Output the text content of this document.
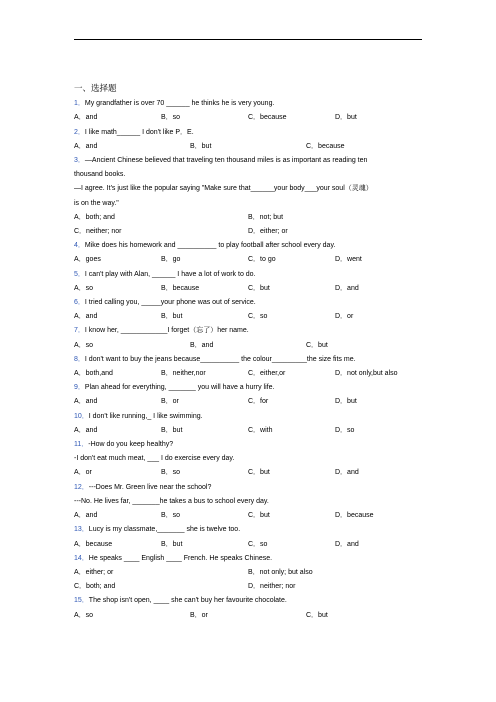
一、选择题
1．My grandfather is over 70 ______ he thinks he is very young.
A．and	B．so	C．because	D．but
2．I like math______ I don't like P．E.
A．and	B．but	C．because
3．—Ancient Chinese believed that traveling ten thousand miles is as important as reading ten
thousand books.
—I agree. It's just like the popular saying "Make sure that______your body___your soul（灵魂）
is on the way."
A．both; and	B．not; but
C．neither; nor	D．either; or
4．Mike does his homework and __________ to play football after school every day.
A．goes	B．go	C．to go	D．went
5．I can't play with Alan, ______ I have a lot of work to do.
A．so	B．because	C．but	D．and
6．I tried calling you, _____your phone was out of service.
A．and	B．but	C．so	D．or
7．I know her, ____________I forget（忘了）her name.
A．so	B．and	C．but
8．I don't want to buy the jeans because__________ the colour_________the size fits me.
A．both,and	B．neither,nor	C．either,or	D．not only,but also
9．Plan ahead for everything, _______ you will have a hurry life.
A．and	B．or	C．for	D．but
10．I don't like running,_ I like swimming.
A．and	B．but	C．with	D．so
11．-How do you keep healthy?
-I don't eat much meat, ___ I do exercise every day.
A．or	B．so	C．but	D．and
12．---Does Mr. Green live near the school?
---No. He lives far, _______he takes a bus to school every day.
A．and	B．so	C．but	D．because
13．Lucy is my classmate,_______ she is twelve too.
A．because	B．but	C．so	D．and
14．He speaks ____ English ____ French. He speaks Chinese.
A．either; or	B．not only; but also
C．both; and	D．neither; nor
15．The shop isn't open, ____ she can't buy her favourite chocolate.
A．so	B．or	C．but
